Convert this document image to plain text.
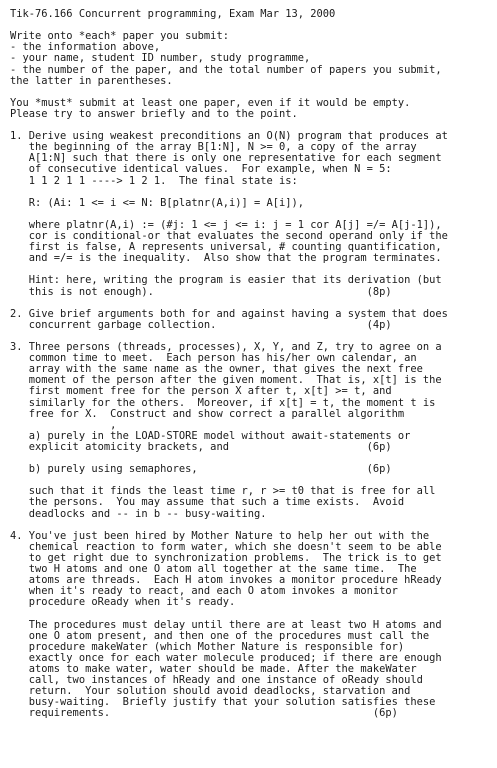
Tik-76.166 Concurrent programming, Exam Mar 13, 2000
Write onto *each* paper you submit:
- the information above,
- your name, student ID number, study programme,
- the number of the paper, and the total number of papers you submit,
the latter in parentheses.
You *must* submit at least one paper, even if it would be empty.
Please try to answer briefly and to the point.
1. Derive using weakest preconditions an O(N) program that produces at
the beginning of the array B[1:N], N >= 0, a copy of the array
A[1:N] such that there is only one representative for each segment
of consecutive identical values.  For example, when N = 5:
1 1 2 1 1 ----> 1 2 1.  The final state is:
R: (Ai: 1 <= i <= N: B[platnr(A,i)] = A[i]),
where platnr(A,i) := (#j: 1 <= j <= i: j = 1 cor A[j] =/= A[j-1]),
cor is conditional-or that evaluates the second operand only if the
first is false, A represents universal, # counting quantification,
and =/= is the inequality.  Also show that the program terminates.
Hint: here, writing the program is easier that its derivation (but
this is not enough).                                  (8p)
2. Give brief arguments both for and against having a system that does
concurrent garbage collection.                        (4p)
3. Three persons (threads, processes), X, Y, and Z, try to agree on a
common time to meet.  Each person has his/her own calendar, an
array with the same name as the owner, that gives the next free
moment of the person after the given moment.  That is, x[t] is the
first moment free for the person X after t, x[t] >= t, and
similarly for the others.  Moreover, if x[t] = t, the moment t is
free for X.  Construct and show correct a parallel algorithm
,
a) purely in the LOAD-STORE model without await-statements or
explicit atomicity brackets, and                      (6p)
b) purely using semaphores,                           (6p)
such that it finds the least time r, r >= t0 that is free for all
the persons.  You may assume that such a time exists.  Avoid
deadlocks and -- in b -- busy-waiting.
4. You've just been hired by Mother Nature to help her out with the
chemical reaction to form water, which she doesn't seem to be able
to get right due to synchronization problems.  The trick is to get
two H atoms and one O atom all together at the same time.  The
atoms are threads.  Each H atom invokes a monitor procedure hReady
when it's ready to react, and each O atom invokes a monitor
procedure oReady when it's ready.
The procedures must delay until there are at least two H atoms and
one O atom present, and then one of the procedures must call the
procedure makeWater (which Mother Nature is responsible for)
exactly once for each water molecule produced; if there are enough
atoms to make water, water should be made. After the makeWater
call, two instances of hReady and one instance of oReady should
return.  Your solution should avoid deadlocks, starvation and
busy-waiting.  Briefly justify that your solution satisfies these
requirements.                                          (6p)
